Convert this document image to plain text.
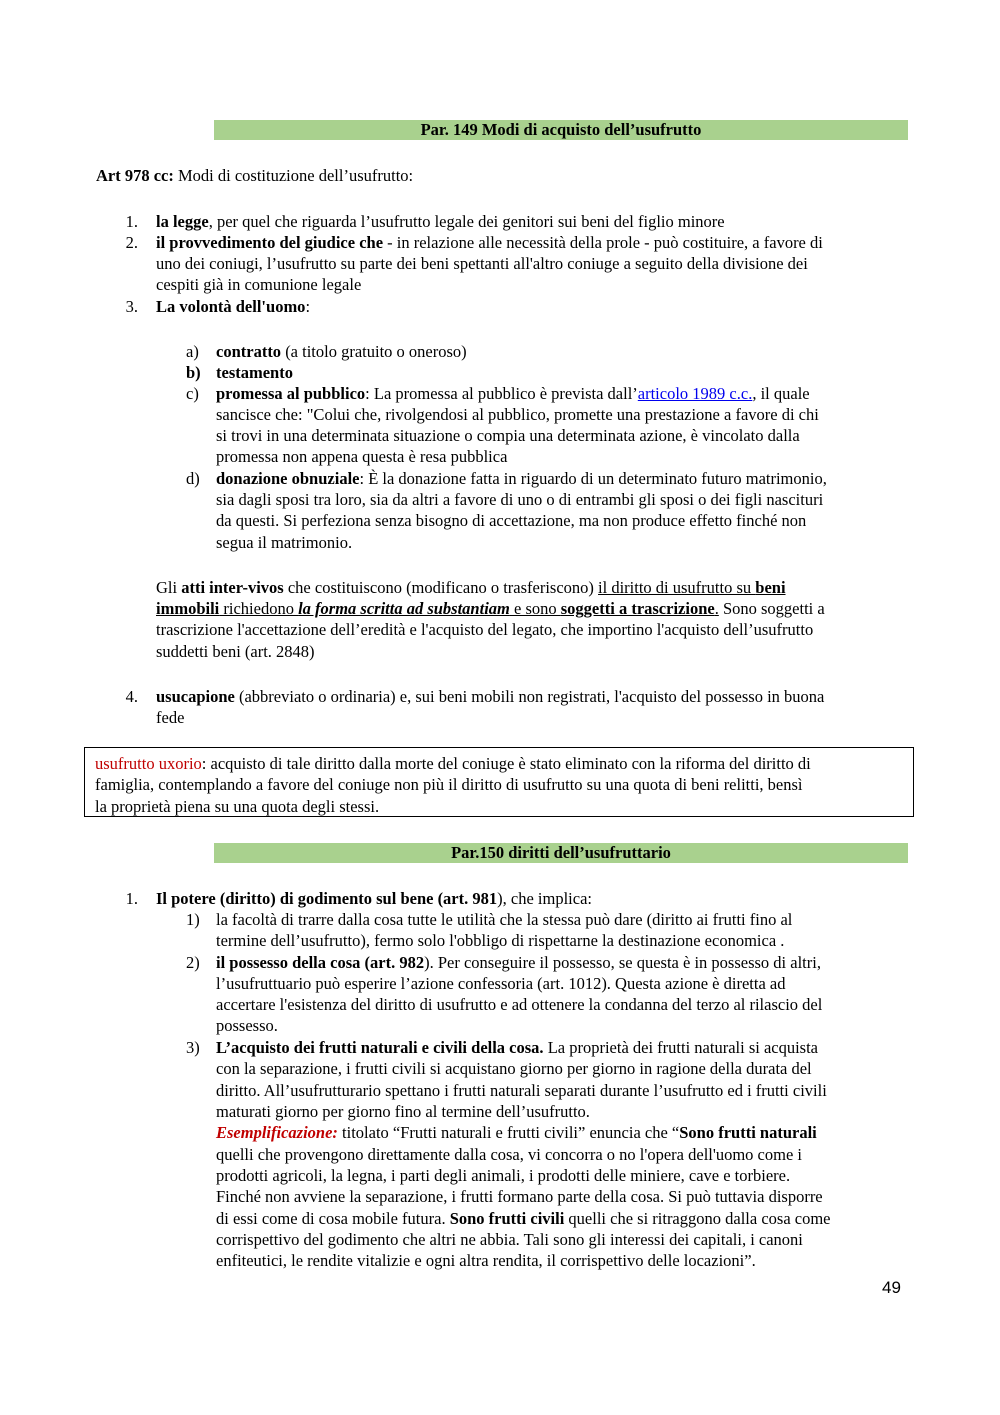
Par. 149 Modi di acquisto dell’usufrutto
Art 978 cc: Modi di costituzione dell’usufrutto:
1. la legge, per quel che riguarda l’usufrutto legale dei genitori sui beni del figlio minore
2. il provvedimento del giudice che - in relazione alle necessità della prole - può costituire, a favore di
uno dei coniugi, l’usufrutto su parte dei beni spettanti all'altro coniuge a seguito della divisione dei
cespiti già in comunione legale
3. La volontà dell'uomo:
a) contratto (a titolo gratuito o oneroso)
b) testamento
c) promessa al pubblico: La promessa al pubblico è prevista dall’articolo 1989 c.c., il quale
sancisce che: "Colui che, rivolgendosi al pubblico, promette una prestazione a favore di chi
si trovi in una determinata situazione o compia una determinata azione, è vincolato dalla
promessa non appena questa è resa pubblica
d) donazione obnuziale: È la donazione fatta in riguardo di un determinato futuro matrimonio,
sia dagli sposi tra loro, sia da altri a favore di uno o di entrambi gli sposi o dei figli nascituri
da questi. Si perfeziona senza bisogno di accettazione, ma non produce effetto finché non
segua il matrimonio.
Gli atti inter-vivos che costituiscono (modificano o trasferiscono) il diritto di usufrutto su beni
immobili richiedono la forma scritta ad substantiam e sono soggetti a trascrizione. Sono soggetti a
trascrizione l'accettazione dell’eredità e l'acquisto del legato, che importino l'acquisto dell’usufrutto
suddetti beni (art. 2848)
4. usucapione (abbreviato o ordinaria) e, sui beni mobili non registrati, l'acquisto del possesso in buona
fede
usufrutto uxorio: acquisto di tale diritto dalla morte del coniuge è stato eliminato con la riforma del diritto di
famiglia, contemplando a favore del coniuge non più il diritto di usufrutto su una quota di beni relitti, bensì
la proprietà piena su una quota degli stessi.
Par.150 diritti dell’usufruttario
1. Il potere (diritto) di godimento sul bene (art. 981), che implica:
1) la facoltà di trarre dalla cosa tutte le utilità che la stessa può dare (diritto ai frutti fino al
termine dell’usufrutto), fermo solo l'obbligo di rispettarne la destinazione economica .
2) il possesso della cosa (art. 982). Per conseguire il possesso, se questa è in possesso di altri,
l’usufruttuario può esperire l’azione confessoria (art. 1012). Questa azione è diretta ad
accertare l'esistenza del diritto di usufrutto e ad ottenere la condanna del terzo al rilascio del
possesso.
3) L’acquisto dei frutti naturali e civili della cosa. La proprietà dei frutti naturali si acquista
con la separazione, i frutti civili si acquistano giorno per giorno in ragione della durata del
diritto. All’usufrutturario spettano i frutti naturali separati durante l’usufrutto ed i frutti civili
maturati giorno per giorno fino al termine dell’usufrutto.
Esemplificazione: titolato “Frutti naturali e frutti civili” enuncia che “Sono frutti naturali
quelli che provengono direttamente dalla cosa, vi concorra o no l'opera dell'uomo come i
prodotti agricoli, la legna, i parti degli animali, i prodotti delle miniere, cave e torbiere.
Finché non avviene la separazione, i frutti formano parte della cosa. Si può tuttavia disporre
di essi come di cosa mobile futura. Sono frutti civili quelli che si ritraggono dalla cosa come
corrispettivo del godimento che altri ne abbia. Tali sono gli interessi dei capitali, i canoni
enfiteutici, le rendite vitalizie e ogni altra rendita, il corrispettivo delle locazioni”.
49
